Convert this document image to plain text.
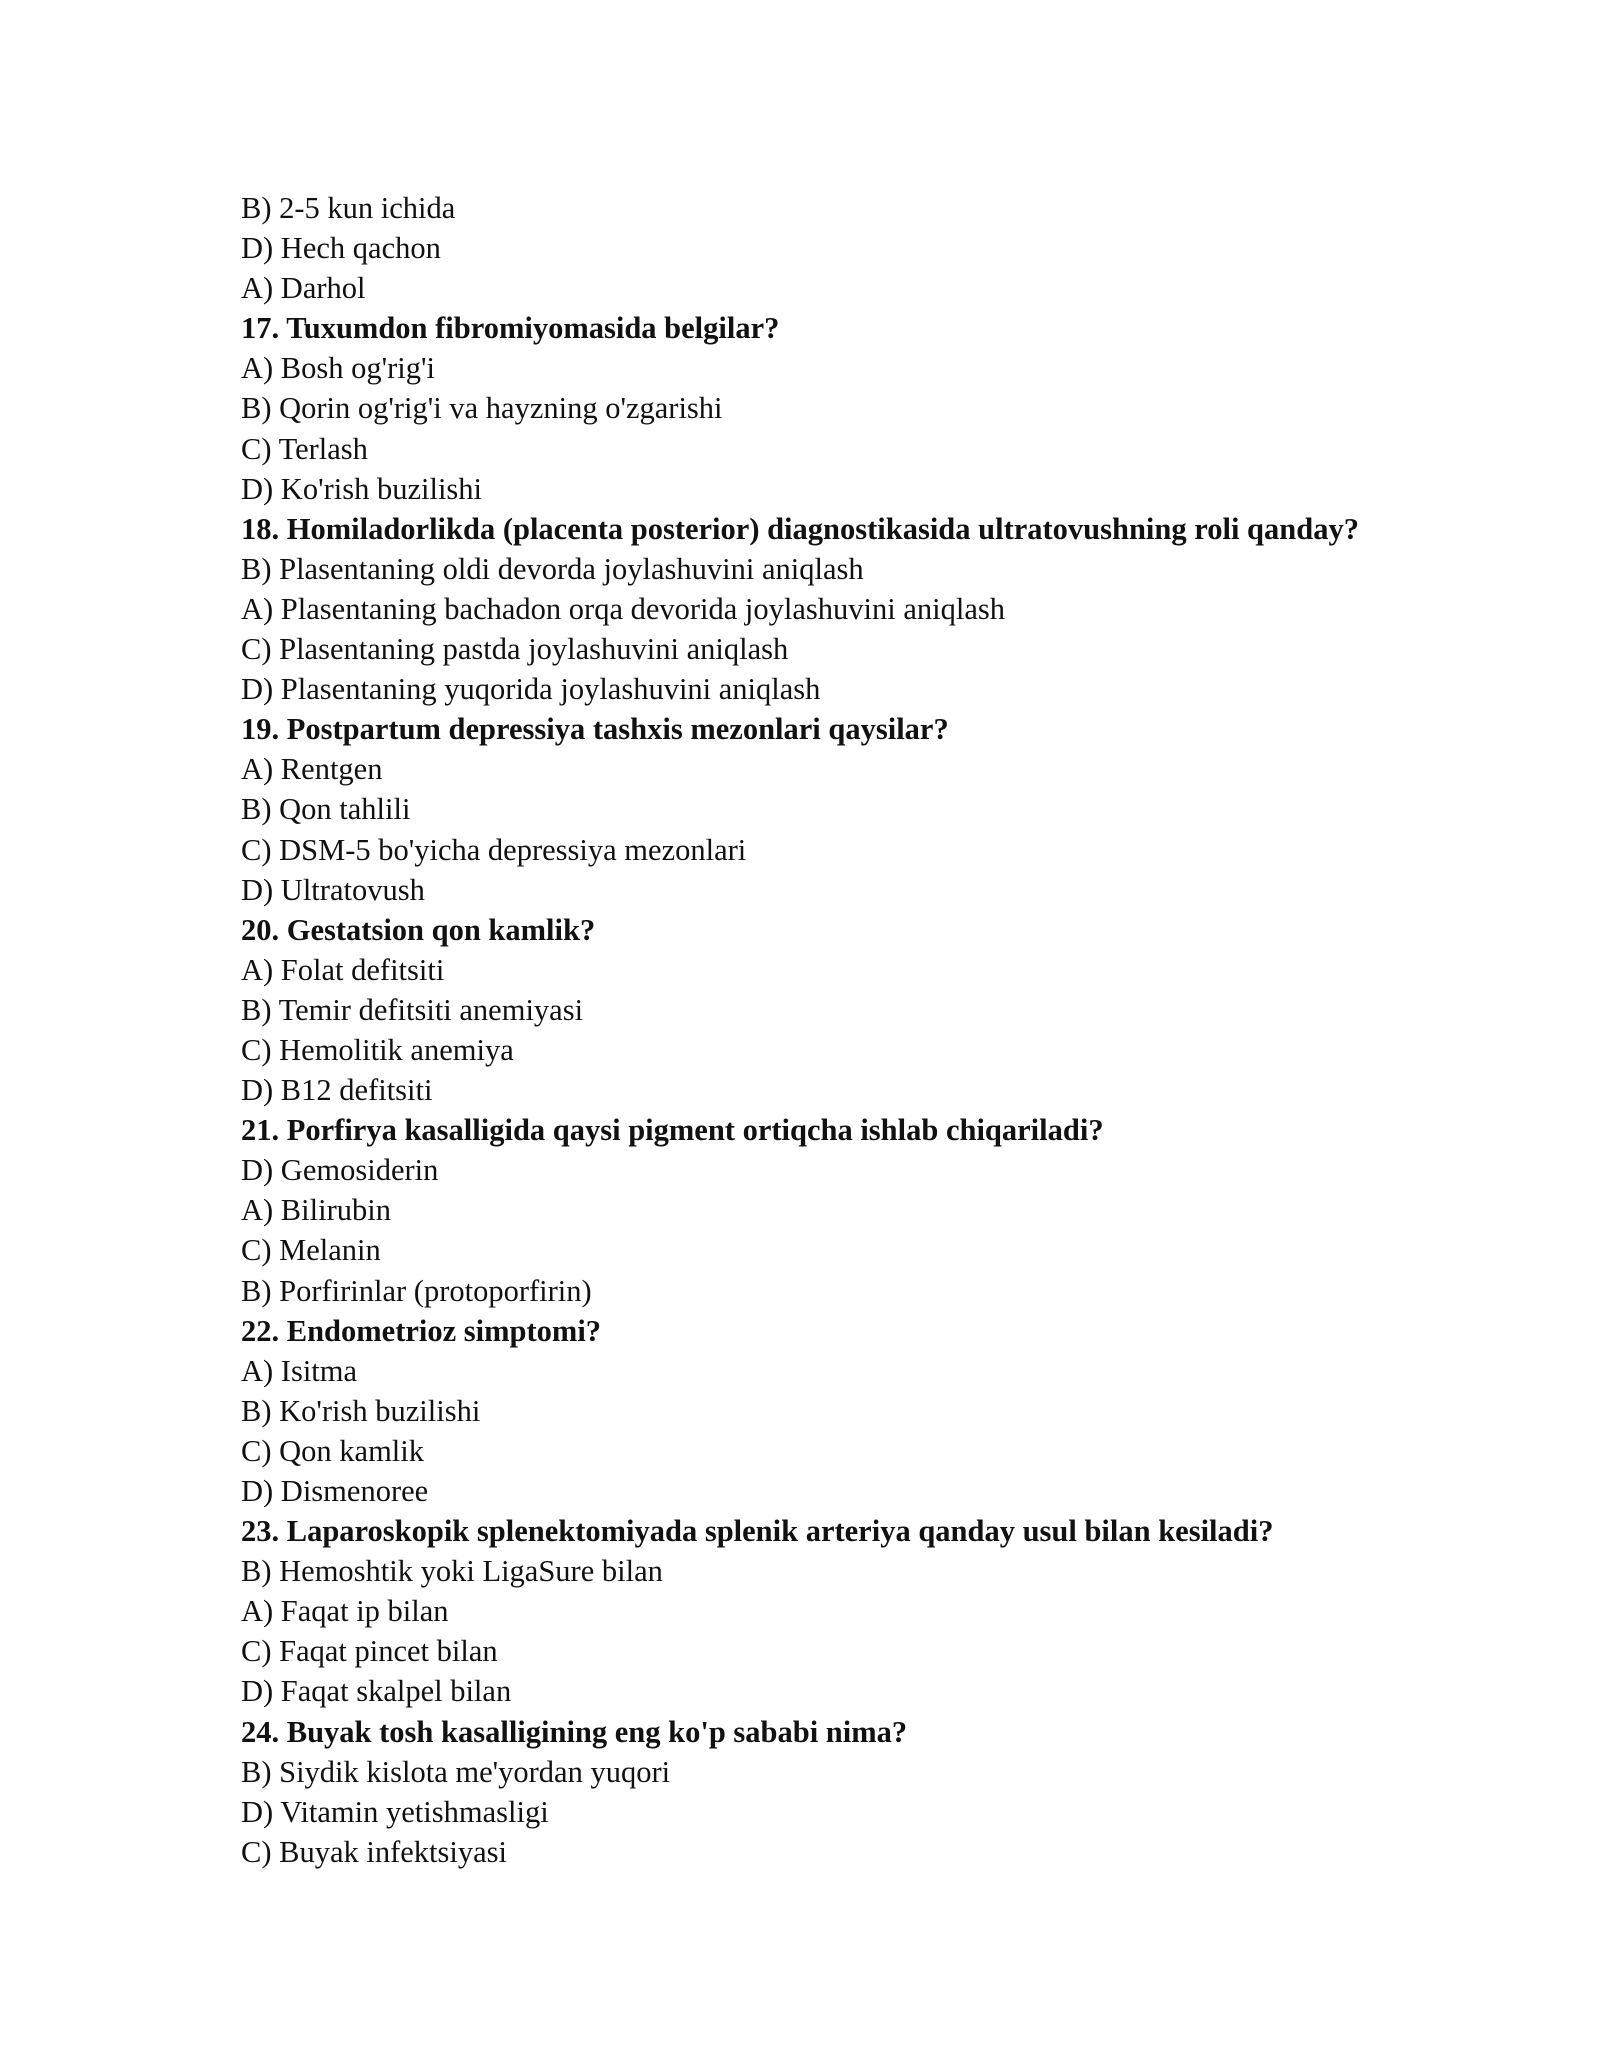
B) 2-5 kun ichida
D) Hech qachon
A) Darhol
17. Tuxumdon fibromiyomasida belgilar?
A) Bosh og'rig'i
B) Qorin og'rig'i va hayzning o'zgarishi
C) Terlash
D) Ko'rish buzilishi
18. Homiladorlikda (placenta posterior) diagnostikasida ultratovushning roli qanday?
B) Plasentaning oldi devorda joylashuvini aniqlash
A) Plasentaning bachadon orqa devorida joylashuvini aniqlash
C) Plasentaning pastda joylashuvini aniqlash
D) Plasentaning yuqorida joylashuvini aniqlash
19. Postpartum depressiya tashxis mezonlari qaysilar?
A) Rentgen
B) Qon tahlili
C) DSM-5 bo'yicha depressiya mezonlari
D) Ultratovush
20. Gestatsion qon kamlik?
A) Folat defitsiti
B) Temir defitsiti anemiyasi
C) Hemolitik anemiya
D) B12 defitsiti
21. Porfirya kasalligida qaysi pigment ortiqcha ishlab chiqariladi?
D) Gemosiderin
A) Bilirubin
C) Melanin
B) Porfirinlar (protoporfirin)
22. Endometrioz simptomi?
A) Isitma
B) Ko'rish buzilishi
C) Qon kamlik
D) Dismenoree
23. Laparoskopik splenektomiyada splenik arteriya qanday usul bilan kesiladi?
B) Hemoshtik yoki LigaSure bilan
A) Faqat ip bilan
C) Faqat pincet bilan
D) Faqat skalpel bilan
24. Buyak tosh kasalligining eng ko'p sababi nima?
B) Siydik kislota me'yordan yuqori
D) Vitamin yetishmasligi
C) Buyak infektsiyasi
